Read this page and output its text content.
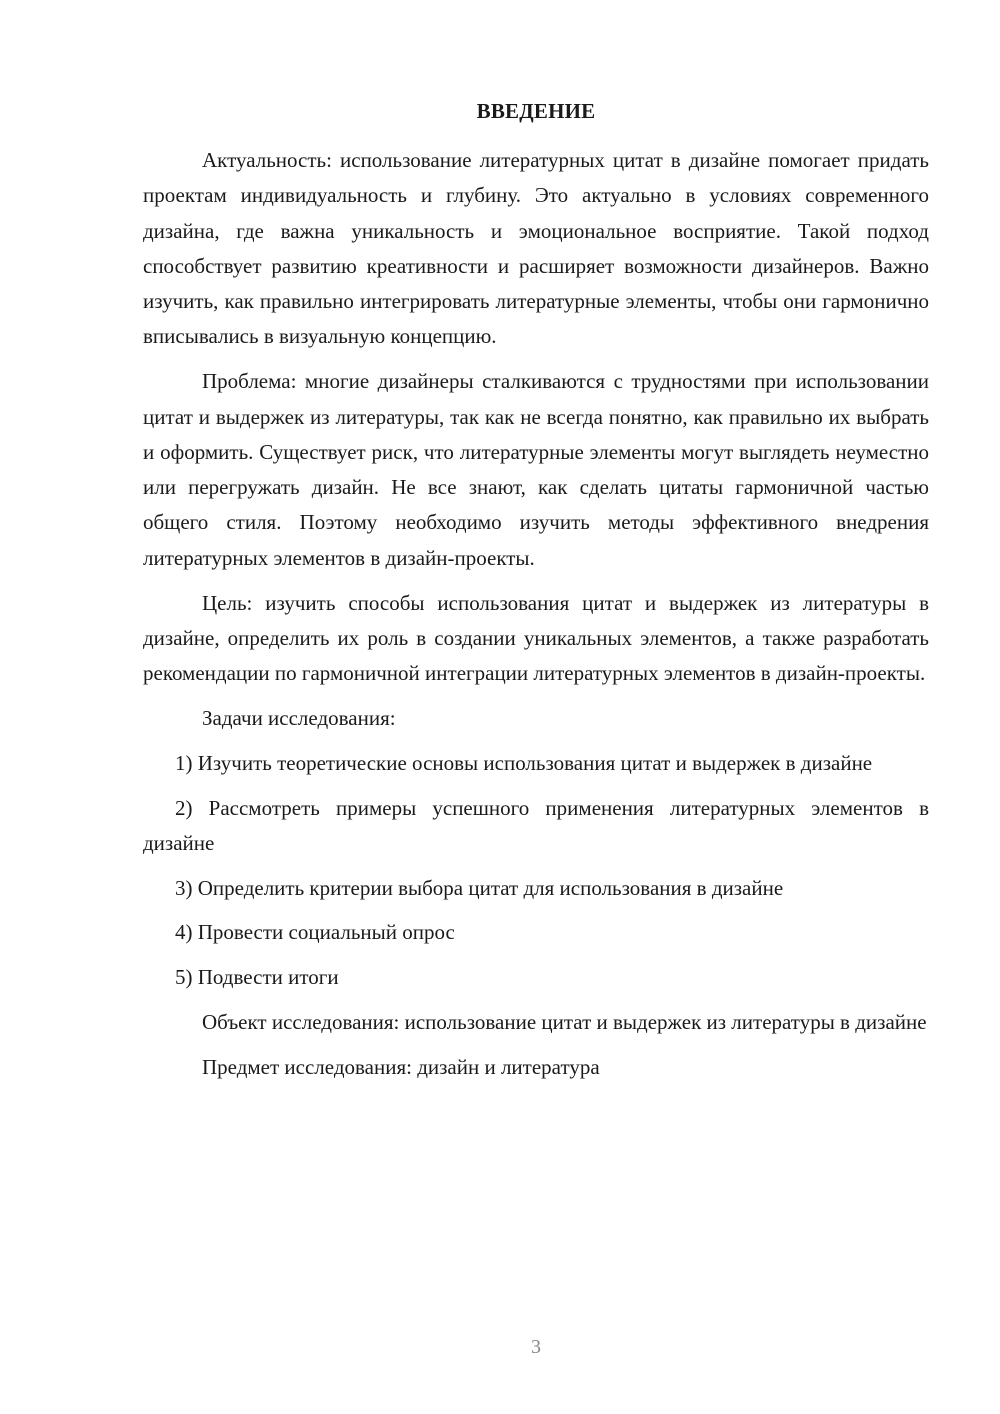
ВВЕДЕНИЕ

Актуальность: использование литературных цитат в дизайне помогает придать проектам индивидуальность и глубину. Это актуально в условиях современного дизайна, где важна уникальность и эмоциональное восприятие. Такой подход способствует развитию креативности и расширяет возможности дизайнеров. Важно изучить, как правильно интегрировать литературные элементы, чтобы они гармонично вписывались в визуальную концепцию.

Проблема: многие дизайнеры сталкиваются с трудностями при использовании цитат и выдержек из литературы, так как не всегда понятно, как правильно их выбрать и оформить. Существует риск, что литературные элементы могут выглядеть неуместно или перегружать дизайн. Не все знают, как сделать цитаты гармоничной частью общего стиля. Поэтому необходимо изучить методы эффективного внедрения литературных элементов в дизайн-проекты.

Цель: изучить способы использования цитат и выдержек из литературы в дизайне, определить их роль в создании уникальных элементов, а также разработать рекомендации по гармоничной интеграции литературных элементов в дизайн-проекты.

Задачи исследования:

1) Изучить теоретические основы использования цитат и выдержек в дизайне

2) Рассмотреть примеры успешного применения литературных элементов в дизайне

3) Определить критерии выбора цитат для использования в дизайне

4) Провести социальный опрос

5) Подвести итоги

Объект исследования: использование цитат и выдержек из литературы в дизайне

Предмет исследования: дизайн и литература

3
